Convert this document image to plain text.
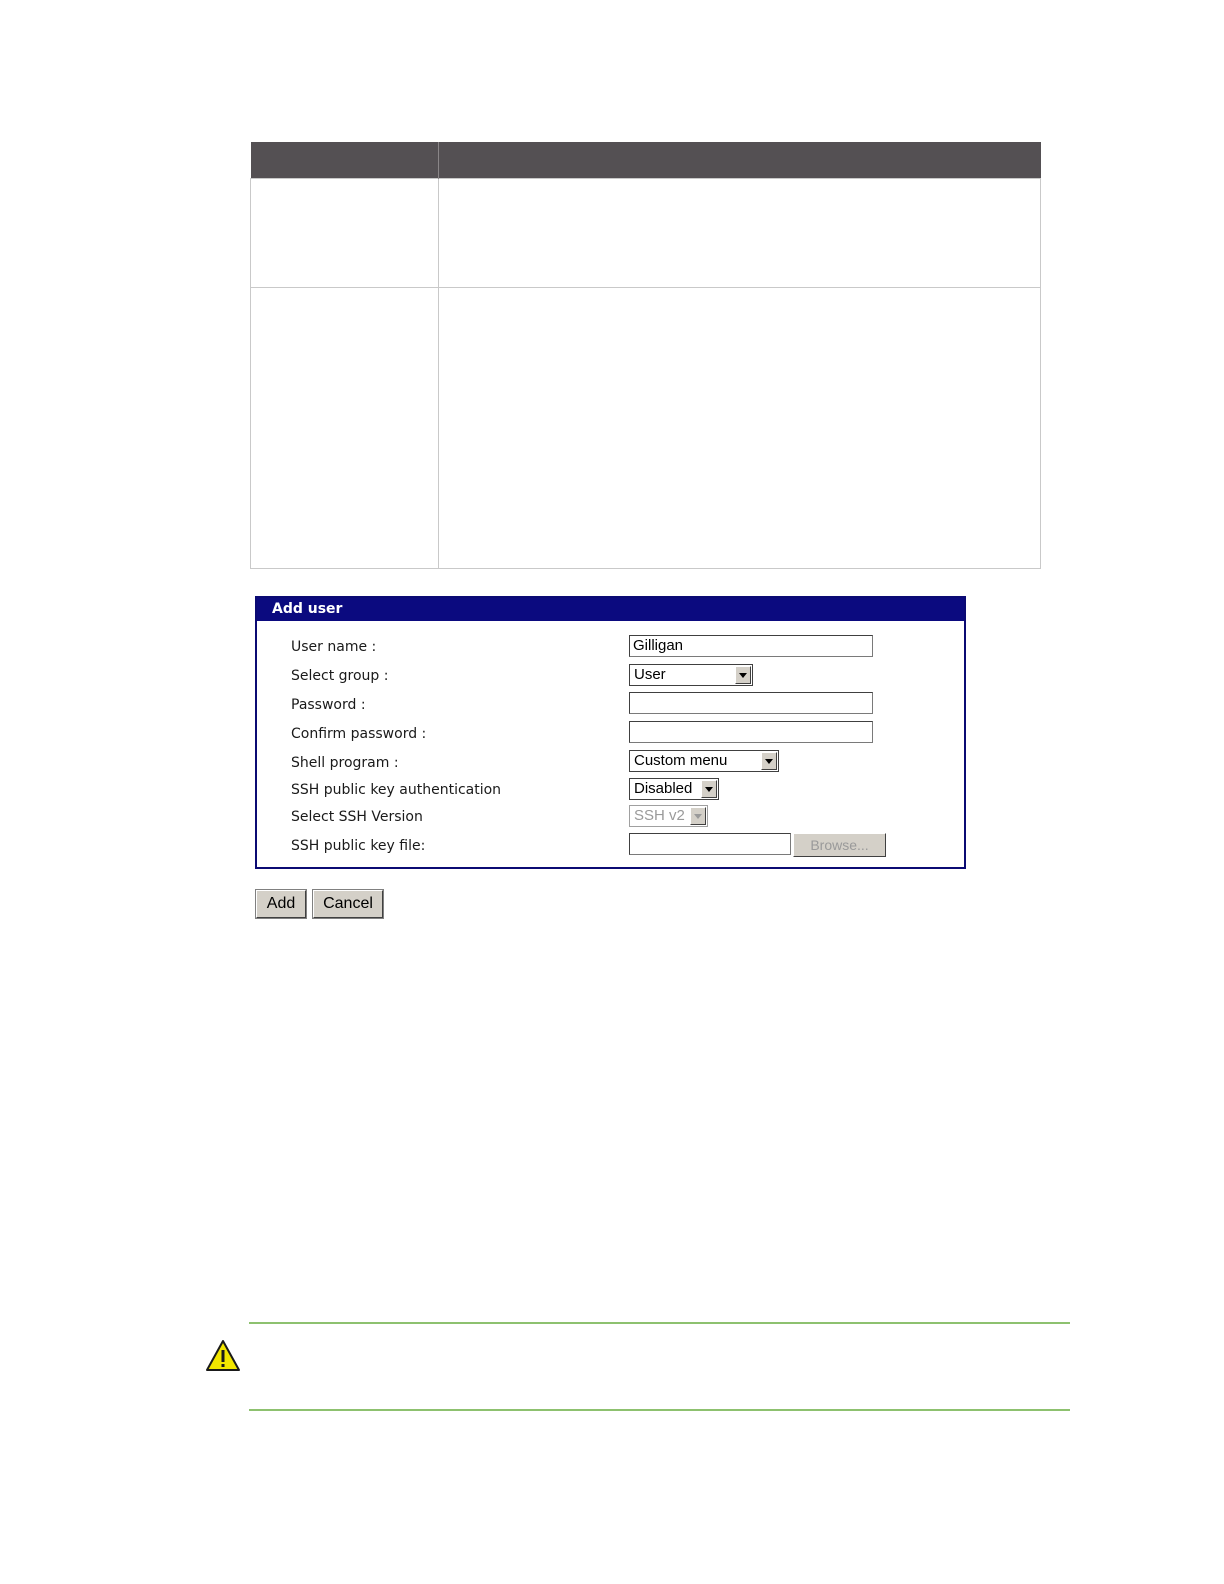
Add user
User name :	Gilligan
Select group :	User
Password :
Confirm password :
Shell program :	Custom menu
SSH public key authentication	Disabled
Select SSH Version	SSH v2
SSH public key file:	Browse...
Add	Cancel
